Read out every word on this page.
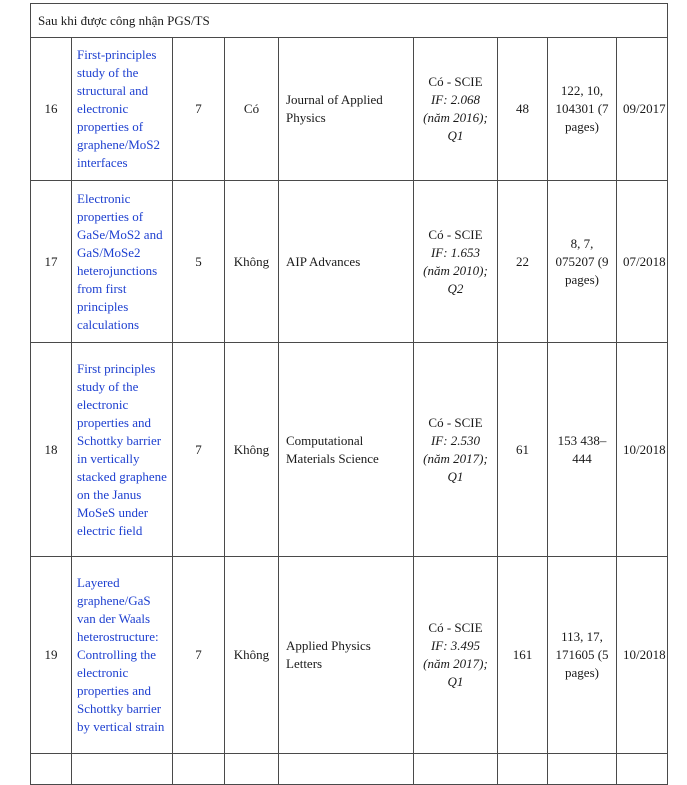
Sau khi được công nhận PGS/TS								
16	First-principles study of the structural and electronic properties of graphene/MoS2 interfaces	7	Có	Journal of Applied Physics	Có - SCIE
IF: 2.068
(năm 2016);
Q1	48	122, 10, 104301 (7 pages)	09/2017
17	Electronic properties of GaSe/MoS2 and GaS/MoSe2 heterojunctions from first principles calculations	5	Không	AIP Advances	Có - SCIE
IF: 1.653
(năm 2010);
Q2	22	8, 7, 075207 (9 pages)	07/2018
18	First principles study of the electronic properties and Schottky barrier in vertically stacked graphene on the Janus MoSeS under electric field	7	Không	Computational Materials Science	Có - SCIE
IF: 2.530
(năm 2017);
Q1	61	153 438–444	10/2018
19	Layered graphene/GaS van der Waals heterostructure: Controlling the electronic properties and Schottky barrier by vertical strain	7	Không	Applied Physics Letters	Có - SCIE
IF: 3.495
(năm 2017);
Q1	161	113, 17, 171605 (5 pages)	10/2018
